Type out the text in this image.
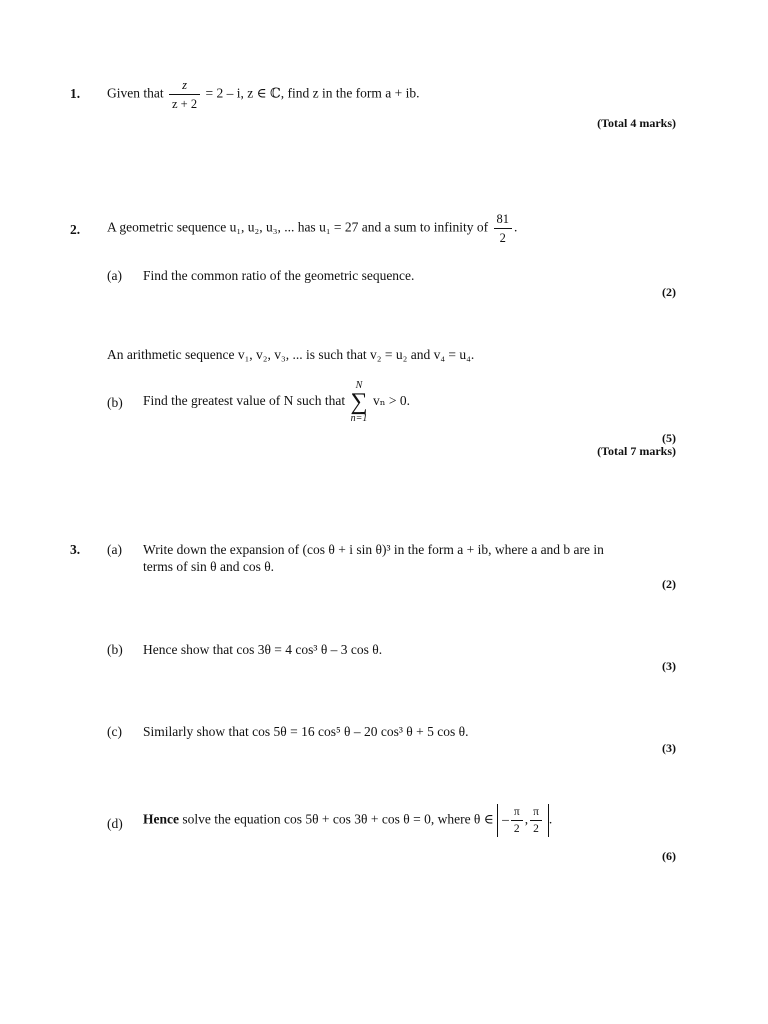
1. Given that $\frac{z}{z + 2} = 2 - i$, z ∈ ℂ, find z in the form a + ib.
(Total 4 marks)
2. A geometric sequence u₁, u₂, u₃, ... has u₁ = 27 and a sum to infinity of $\frac{81}{2}$ .
(a) Find the common ratio of the geometric sequence.
(2)
An arithmetic sequence v₁, v₂, v₃, ... is such that v₂ = u₂ and v₄ = u₄.
(b) Find the greatest value of N such that N
∑
n=1 vₙ > 0.
(5)
(Total 7 marks)
3. (a) Write down the expansion of (cos θ + i sin θ)³ in the form a + ib, where a and b are in
terms of sin θ and cos θ.
(2)
(b) Hence show that cos 3θ = 4 cos³ θ – 3 cos θ.
(3)
(c) Similarly show that cos 5θ = 16 cos⁵ θ – 20 cos³ θ + 5 cos θ.
(3)
(d) Hence solve the equation cos 5θ + cos 3θ + cos θ = 0, where θ ∈ – $\frac{\pi}{2}$ , $\frac{\pi}{2}$ .
(6)
